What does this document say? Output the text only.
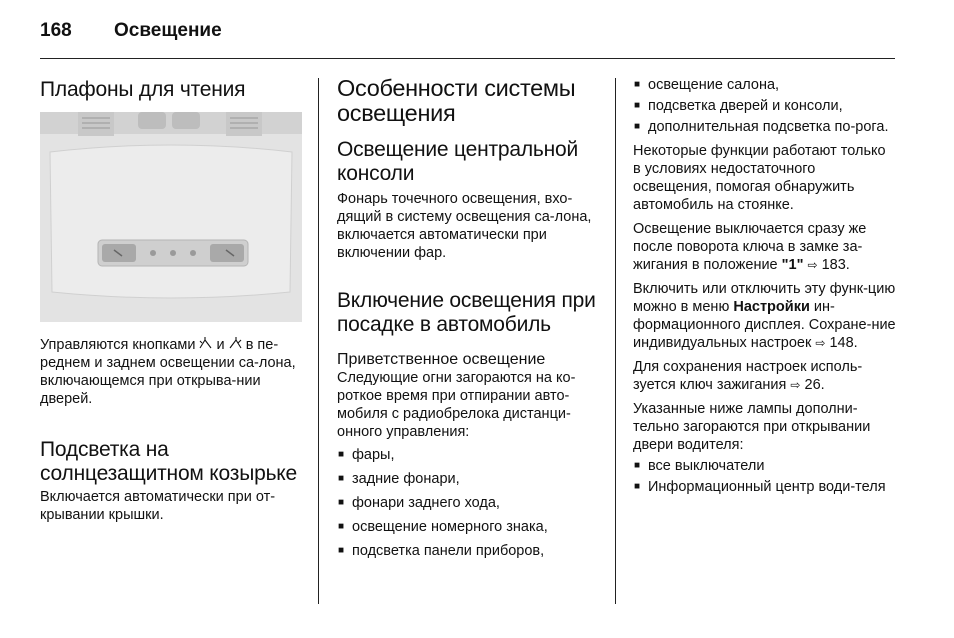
168 Освещение
Плафоны для чтения

Управляются кнопками и в пе-реднем и заднем освещении са-лона, включающемся при открыва-нии дверей.

Подсветка на солнцезащитном козырьке

Включается автоматически при от-крывании крышки.

Особенности системы освещения
Освещение центральной консоли

Фонарь точечного освещения, вхо-дящий в систему освещения са-лона, включается автоматически при включении фар.

Включение освещения при посадке в автомобиль
Приветственное освещение

Следующие огни загораются на ко-роткое время при отпирании авто-мобиля с радиобрелока дистанци-онного управления:

■ фары,
■ задние фонари,
■ фонари заднего хода,
■ освещение номерного знака,
■ подсветка панели приборов,
■ освещение салона,
■ подсветка дверей и консоли,
■ дополнительная подсветка по-рога.

Некоторые функции работают только в условиях недостаточного освещения, помогая обнаружить автомобиль на стоянке.

Освещение выключается сразу же после поворота ключа в замке за-жигания в положение "1" ⇨ 183.

Включить или отключить эту функ-цию можно в меню Настройки ин-формационного дисплея. Сохране-ние индивидуальных настроек ⇨ 148.

Для сохранения настроек исполь-зуется ключ зажигания ⇨ 26.

Указанные ниже лампы дополни-тельно загораются при открывании двери водителя:

■ все выключатели
■ Информационный центр води-теля
